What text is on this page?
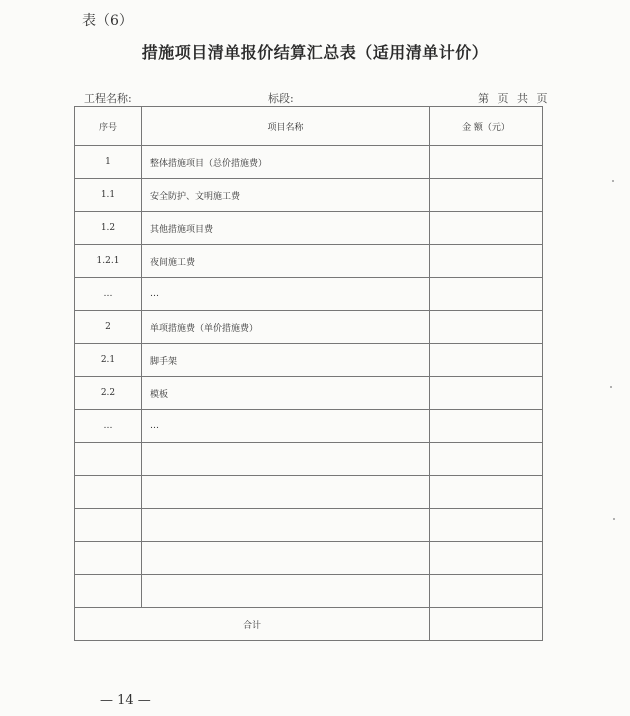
表（6）
措施项目清单报价结算汇总表（适用清单计价）
工程名称:	标段:	第 页 共 页
序号	项目名称	金 额（元）
1	整体措施项目（总价措施费）	
1.1	安全防护、文明施工费	
1.2	其他措施项目费	
1.2.1	夜间施工费	
…	…	
2	单项措施费（单价措施费）	
2.1	脚手架	
2.2	模板	
…	…	

合计		
— 14 —
